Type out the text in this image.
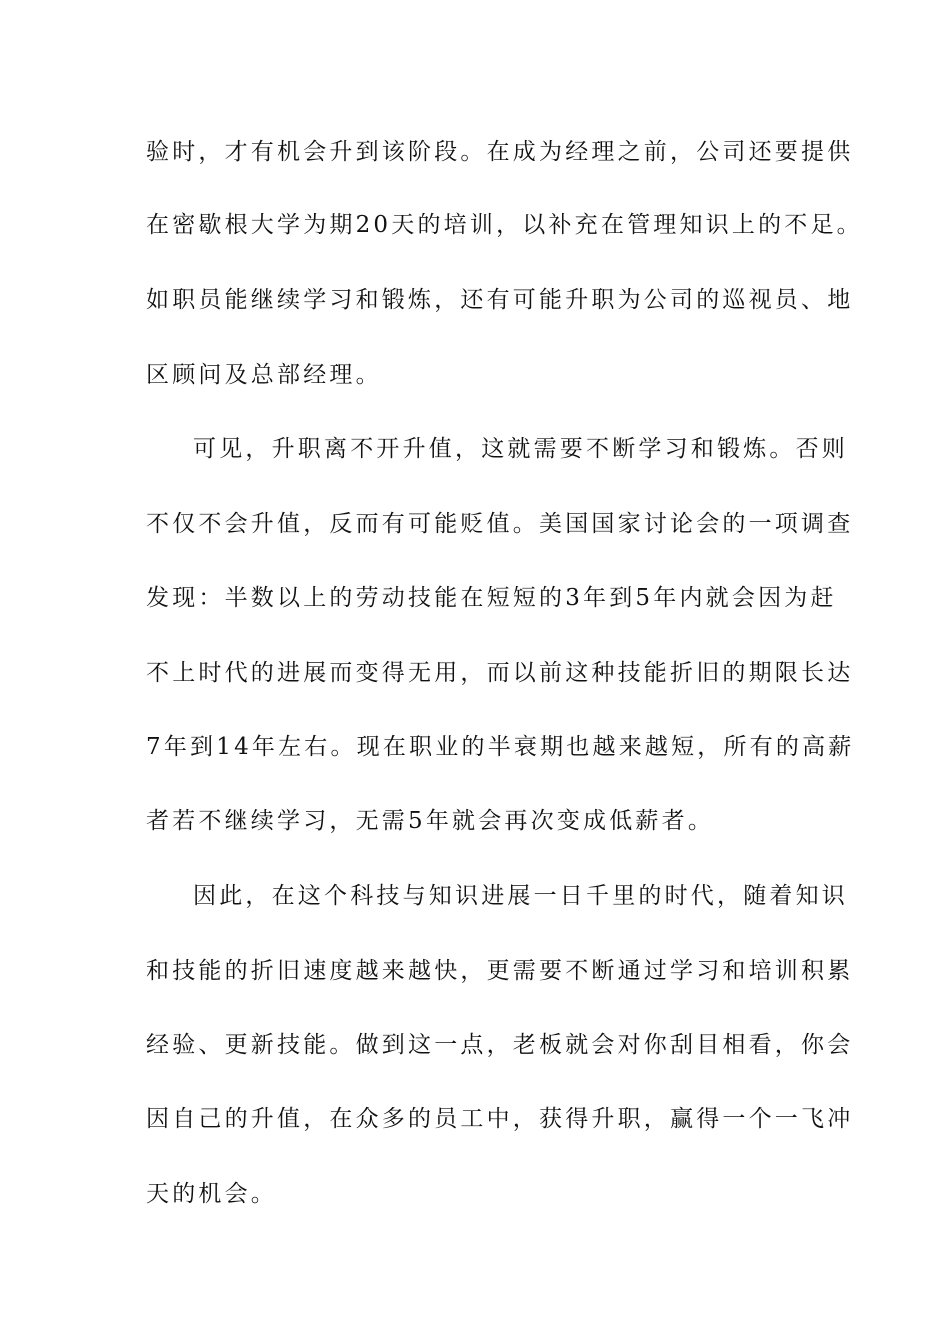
验时，才有机会升到该阶段。在成为经理之前，公司还要提供
在密歇根大学为期20天的培训，以补充在管理知识上的不足。
如职员能继续学习和锻炼，还有可能升职为公司的巡视员、地
区顾问及总部经理。
可见，升职离不开升值，这就需要不断学习和锻炼。否则
不仅不会升值，反而有可能贬值。美国国家讨论会的一项调查
发现：半数以上的劳动技能在短短的3年到5年内就会因为赶
不上时代的进展而变得无用，而以前这种技能折旧的期限长达
7年到14年左右。现在职业的半衰期也越来越短，所有的高薪
者若不继续学习，无需5年就会再次变成低薪者。
因此，在这个科技与知识进展一日千里的时代，随着知识
和技能的折旧速度越来越快，更需要不断通过学习和培训积累
经验、更新技能。做到这一点，老板就会对你刮目相看，你会
因自己的升值，在众多的员工中，获得升职，赢得一个一飞冲
天的机会。
